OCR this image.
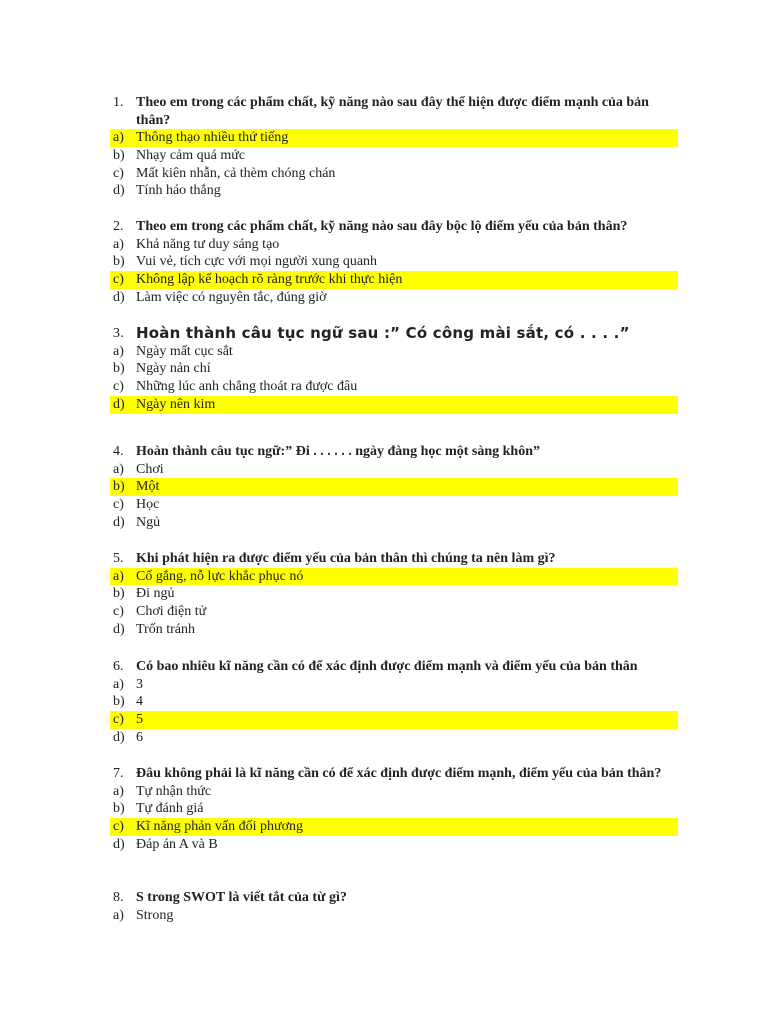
1. Theo em trong các phẩm chất, kỹ năng nào sau đây thể hiện được điểm mạnh của bản thân?
a) Thông thạo nhiều thứ tiếng
b) Nhạy cảm quá mức
c) Mất kiên nhẫn, cả thèm chóng chán
d) Tính háo thắng
2. Theo em trong các phẩm chất, kỹ năng nào sau đây bộc lộ điểm yếu của bản thân?
a) Khả năng tư duy sáng tạo
b) Vui vẻ, tích cực với mọi người xung quanh
c) Không lập kế hoạch rõ ràng trước khi thực hiện
d) Làm việc có nguyên tắc, đúng giờ
3. Hoàn thành câu tục ngữ sau :” Có công mài sắt, có . . . .”
a) Ngày mất cục sắt
b) Ngày nản chí
c) Những lúc anh chẳng thoát ra được đâu
d) Ngày nên kim
4. Hoàn thành câu tục ngữ:” Đi . . . . . . ngày đàng học một sàng khôn”
a) Chơi
b) Một
c) Học
d) Ngủ
5. Khi phát hiện ra được điểm yếu của bản thân thì chúng ta nên làm gì?
a) Cố gắng, nỗ lực khắc phục nó
b) Đi ngủ
c) Chơi điện tử
d) Trốn tránh
6. Có bao nhiêu kĩ năng cần có để xác định được điểm mạnh và điểm yếu của bản thân
a) 3
b) 4
c) 5
d) 6
7. Đâu không phải là kĩ năng cần có để xác định được điểm mạnh, điểm yếu của bản thân?
a) Tự nhận thức
b) Tự đánh giá
c) Kĩ năng phản vấn đối phương
d) Đáp án A và B
8. S trong SWOT là viết tắt của từ gì?
a) Strong
